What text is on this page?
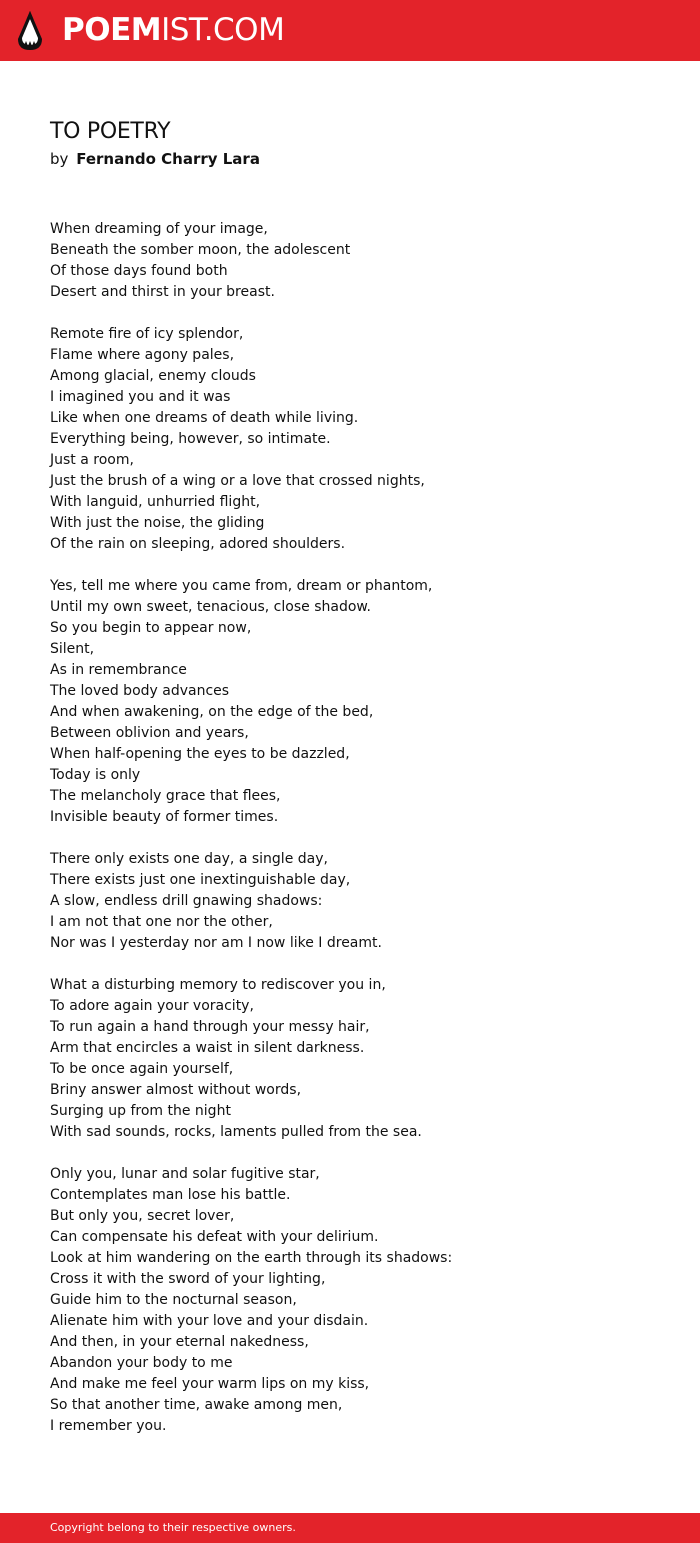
POEMIST.COM
TO POETRY
by Fernando Charry Lara

When dreaming of your image,
Beneath the somber moon, the adolescent
Of those days found both
Desert and thirst in your breast.

Remote fire of icy splendor,
Flame where agony pales,
Among glacial, enemy clouds
I imagined you and it was
Like when one dreams of death while living.
Everything being, however, so intimate.
Just a room,
Just the brush of a wing or a love that crossed nights,
With languid, unhurried flight,
With just the noise, the gliding
Of the rain on sleeping, adored shoulders.

Yes, tell me where you came from, dream or phantom,
Until my own sweet, tenacious, close shadow.
So you begin to appear now,
Silent,
As in remembrance
The loved body advances
And when awakening, on the edge of the bed,
Between oblivion and years,
When half-opening the eyes to be dazzled,
Today is only
The melancholy grace that flees,
Invisible beauty of former times.

There only exists one day, a single day,
There exists just one inextinguishable day,
A slow, endless drill gnawing shadows:
I am not that one nor the other,
Nor was I yesterday nor am I now like I dreamt.

What a disturbing memory to rediscover you in,
To adore again your voracity,
To run again a hand through your messy hair,
Arm that encircles a waist in silent darkness.
To be once again yourself,
Briny answer almost without words,
Surging up from the night
With sad sounds, rocks, laments pulled from the sea.

Only you, lunar and solar fugitive star,
Contemplates man lose his battle.
But only you, secret lover,
Can compensate his defeat with your delirium.
Look at him wandering on the earth through its shadows:
Cross it with the sword of your lighting,
Guide him to the nocturnal season,
Alienate him with your love and your disdain.
And then, in your eternal nakedness,
Abandon your body to me
And make me feel your warm lips on my kiss,
So that another time, awake among men,
I remember you.

Copyright belong to their respective owners.
